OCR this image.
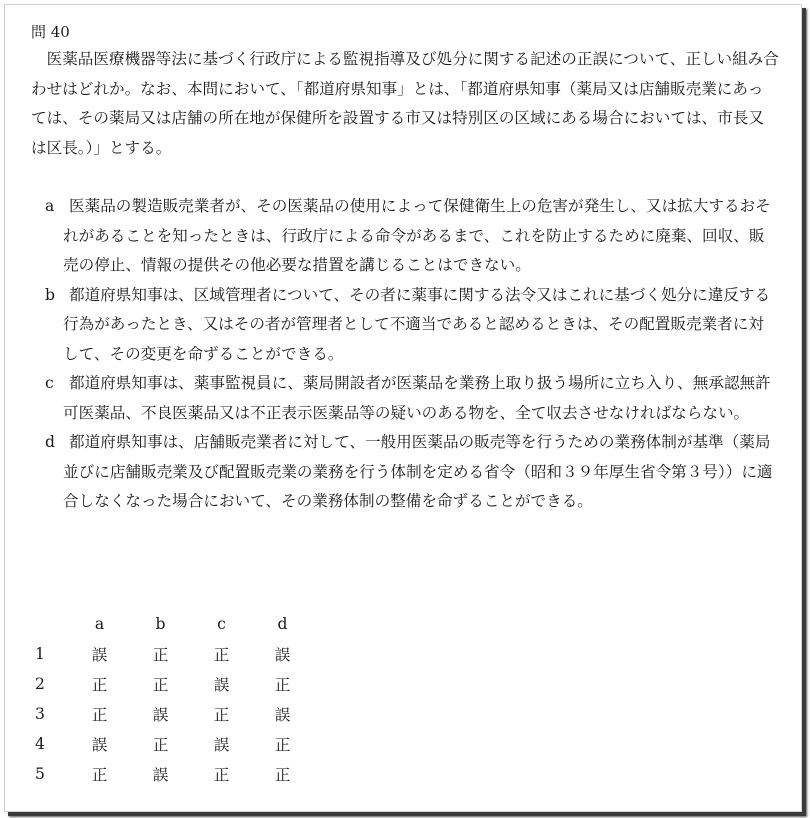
問 40

医薬品医療機器等法に基づく行政庁による監視指導及び処分に関する記述の正誤について、正しい組み合わせはどれか。なお、本問において、「都道府県知事」とは、「都道府県知事（薬局又は店舗販売業にあっては、その薬局又は店舗の所在地が保健所を設置する市又は特別区の区域にある場合においては、市長又は区長。）」とする。

a 医薬品の製造販売業者が、その医薬品の使用によって保健衛生上の危害が発生し、又は拡大するおそれがあることを知ったときは、行政庁による命令があるまで、これを防止するために廃棄、回収、販売の停止、情報の提供その他必要な措置を講じることはできない。

b 都道府県知事は、区域管理者について、その者に薬事に関する法令又はこれに基づく処分に違反する行為があったとき、又はその者が管理者として不適当であると認めるときは、その配置販売業者に対して、その変更を命ずることができる。

c 都道府県知事は、薬事監視員に、薬局開設者が医薬品を業務上取り扱う場所に立ち入り、無承認無許可医薬品、不良医薬品又は不正表示医薬品等の疑いのある物を、全て収去させなければならない。

d 都道府県知事は、店舗販売業者に対して、一般用医薬品の販売等を行うための業務体制が基準（薬局並びに店舗販売業及び配置販売業の業務を行う体制を定める省令（昭和３９年厚生省令第３号））に適合しなくなった場合において、その業務体制の整備を命ずることができる。

	a	b	c	d
1	誤	正	正	誤
2	正	正	誤	正
3	正	誤	正	誤
4	誤	正	誤	正
5	正	誤	正	正
